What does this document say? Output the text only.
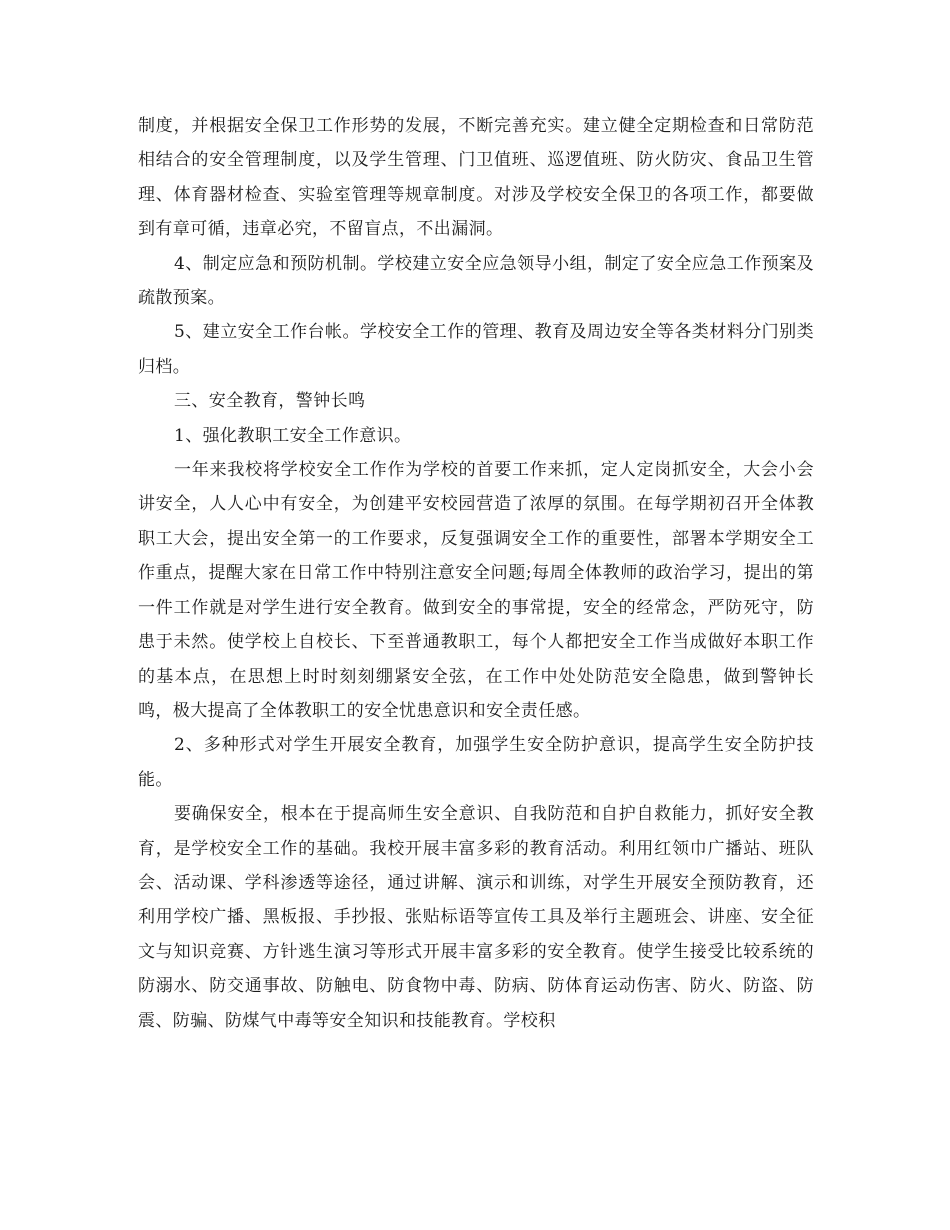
制度，并根据安全保卫工作形势的发展，不断完善充实。建立健全定期检查和日常防范相结合的安全管理制度，以及学生管理、门卫值班、巡逻值班、防火防灾、食品卫生管理、体育器材检查、实验室管理等规章制度。对涉及学校安全保卫的各项工作，都要做到有章可循，违章必究，不留盲点，不出漏洞。

4、制定应急和预防机制。学校建立安全应急领导小组，制定了安全应急工作预案及疏散预案。

5、建立安全工作台帐。学校安全工作的管理、教育及周边安全等各类材料分门别类归档。

三、安全教育，警钟长鸣

1、强化教职工安全工作意识。

一年来我校将学校安全工作作为学校的首要工作来抓，定人定岗抓安全，大会小会讲安全，人人心中有安全，为创建平安校园营造了浓厚的氛围。在每学期初召开全体教职工大会，提出安全第一的工作要求，反复强调安全工作的重要性，部署本学期安全工作重点，提醒大家在日常工作中特别注意安全问题;每周全体教师的政治学习，提出的第一件工作就是对学生进行安全教育。做到安全的事常提，安全的经常念，严防死守，防患于未然。使学校上自校长、下至普通教职工，每个人都把安全工作当成做好本职工作的基本点，在思想上时时刻刻绷紧安全弦，在工作中处处防范安全隐患，做到警钟长鸣，极大提高了全体教职工的安全忧患意识和安全责任感。

2、多种形式对学生开展安全教育，加强学生安全防护意识，提高学生安全防护技能。

要确保安全，根本在于提高师生安全意识、自我防范和自护自救能力，抓好安全教育，是学校安全工作的基础。我校开展丰富多彩的教育活动。利用红领巾广播站、班队会、活动课、学科渗透等途径，通过讲解、演示和训练，对学生开展安全预防教育，还利用学校广播、黑板报、手抄报、张贴标语等宣传工具及举行主题班会、讲座、安全征文与知识竞赛、方针逃生演习等形式开展丰富多彩的安全教育。使学生接受比较系统的防溺水、防交通事故、防触电、防食物中毒、防病、防体育运动伤害、防火、防盗、防震、防骗、防煤气中毒等安全知识和技能教育。学校积
